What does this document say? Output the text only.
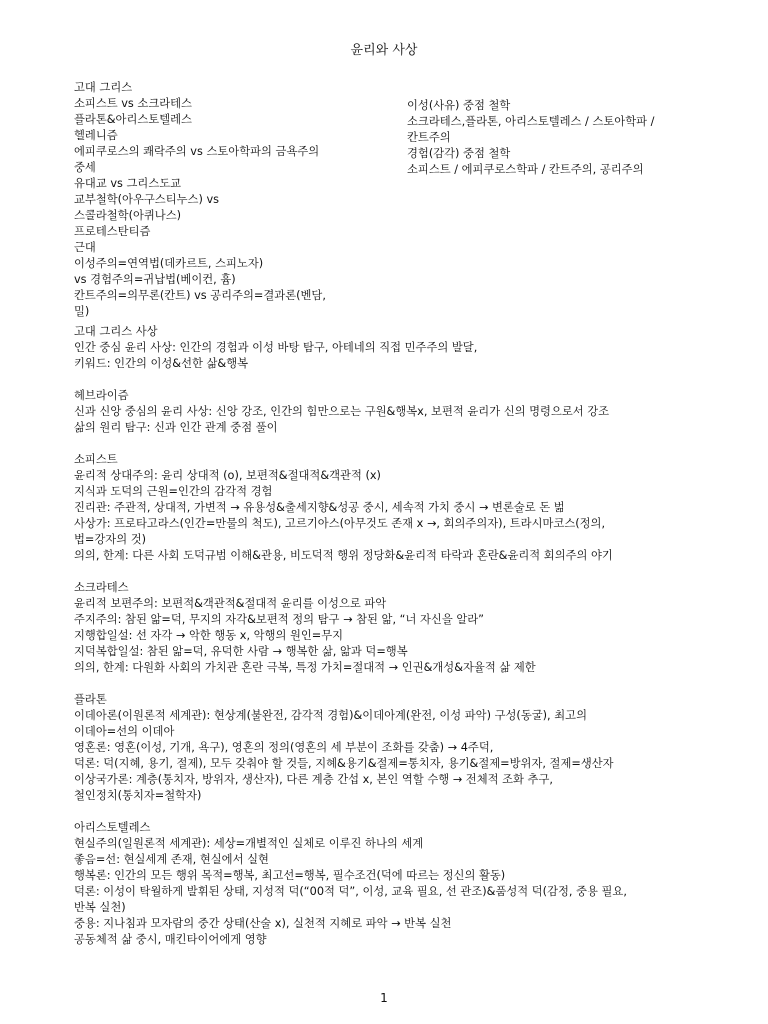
윤리와 사상
고대 그리스
소피스트 vs 소크라테스
플라톤&아리스토텔레스
헬레니즘
에피쿠로스의 쾌락주의 vs 스토아학파의 금욕주의
중세
유대교 vs 그리스도교
교부철학(아우구스티누스) vs
스콜라철학(아퀴나스)
프로테스탄티즘
근대
이성주의=연역법(데카르트, 스피노자)
vs 경험주의=귀납법(베이컨, 흄)
칸트주의=의무론(칸트) vs 공리주의=결과론(벤담,
밀)
이성(사유) 중점 철학
소크라테스,플라톤, 아리스토텔레스 / 스토아학파 /
칸트주의
경험(감각) 중점 철학
소피스트 / 에피쿠로스학파 / 칸트주의, 공리주의
고대 그리스 사상
인간 중심 윤리 사상: 인간의 경험과 이성 바탕 탐구, 아테네의 직접 민주주의 발달,
키워드: 인간의 이성&선한 삶&행복
헤브라이즘
신과 신앙 중심의 윤리 사상: 신앙 강조, 인간의 힘만으로는 구원&행복x, 보편적 윤리가 신의 명령으로서 강조
삶의 원리 탐구: 신과 인간 관계 중점 풀이
소피스트
윤리적 상대주의: 윤리 상대적 (o), 보편적&절대적&객관적 (x)
지식과 도덕의 근원=인간의 감각적 경험
진리관: 주관적, 상대적, 가변적 → 유용성&출세지향&성공 중시, 세속적 가치 중시 → 변론술로 돈 벎
사상가: 프로타고라스(인간=만물의 척도), 고르기아스(아무것도 존재 x →, 회의주의자), 트라시마코스(정의,
법=강자의 것)
의의, 한계: 다른 사회 도덕규범 이해&관용, 비도덕적 행위 정당화&윤리적 타락과 혼란&윤리적 회의주의 야기
소크라테스
윤리적 보편주의: 보편적&객관적&절대적 윤리를 이성으로 파악
주지주의: 참된 앎=덕, 무지의 자각&보편적 정의 탐구 → 참된 앎, “너 자신을 알라”
지행합일설: 선 자각 → 악한 행동 x, 악행의 원인=무지
지덕복합일설: 참된 앎=덕, 유덕한 사람 → 행복한 삶, 앎과 덕=행복
의의, 한계: 다원화 사회의 가치관 혼란 극복, 특정 가치=절대적 → 인권&개성&자율적 삶 제한
플라톤
이데아론(이원론적 세계관): 현상계(불완전, 감각적 경험)&이데아계(완전, 이성 파악) 구성(동굴), 최고의
이데아=선의 이데아
영혼론: 영혼(이성, 기개, 욕구), 영혼의 정의(영혼의 세 부분이 조화를 갖춤) → 4주덕,
덕론: 덕(지혜, 용기, 절제), 모두 갖춰야 할 것들, 지혜&용기&절제=통치자, 용기&절제=방위자, 절제=생산자
이상국가론: 계층(통치자, 방위자, 생산자), 다른 계층 간섭 x, 본인 역할 수행 → 전체적 조화 추구,
철인정치(통치자=철학자)
아리스토텔레스
현실주의(일원론적 세계관): 세상=개별적인 실체로 이루진 하나의 세계
좋음=선: 현실세계 존재, 현실에서 실현
행복론: 인간의 모든 행위 목적=행복, 최고선=행복, 필수조건(덕에 따르는 정신의 활동)
덕론: 이성이 탁월하게 발휘된 상태, 지성적 덕(“00적 덕”, 이성, 교육 필요, 선 관조)&품성적 덕(감정, 중용 필요,
반복 실천)
중용: 지나침과 모자람의 중간 상태(산술 x), 실천적 지혜로 파악 → 반복 실천
공동체적 삶 중시, 매킨타이어에게 영향
1
